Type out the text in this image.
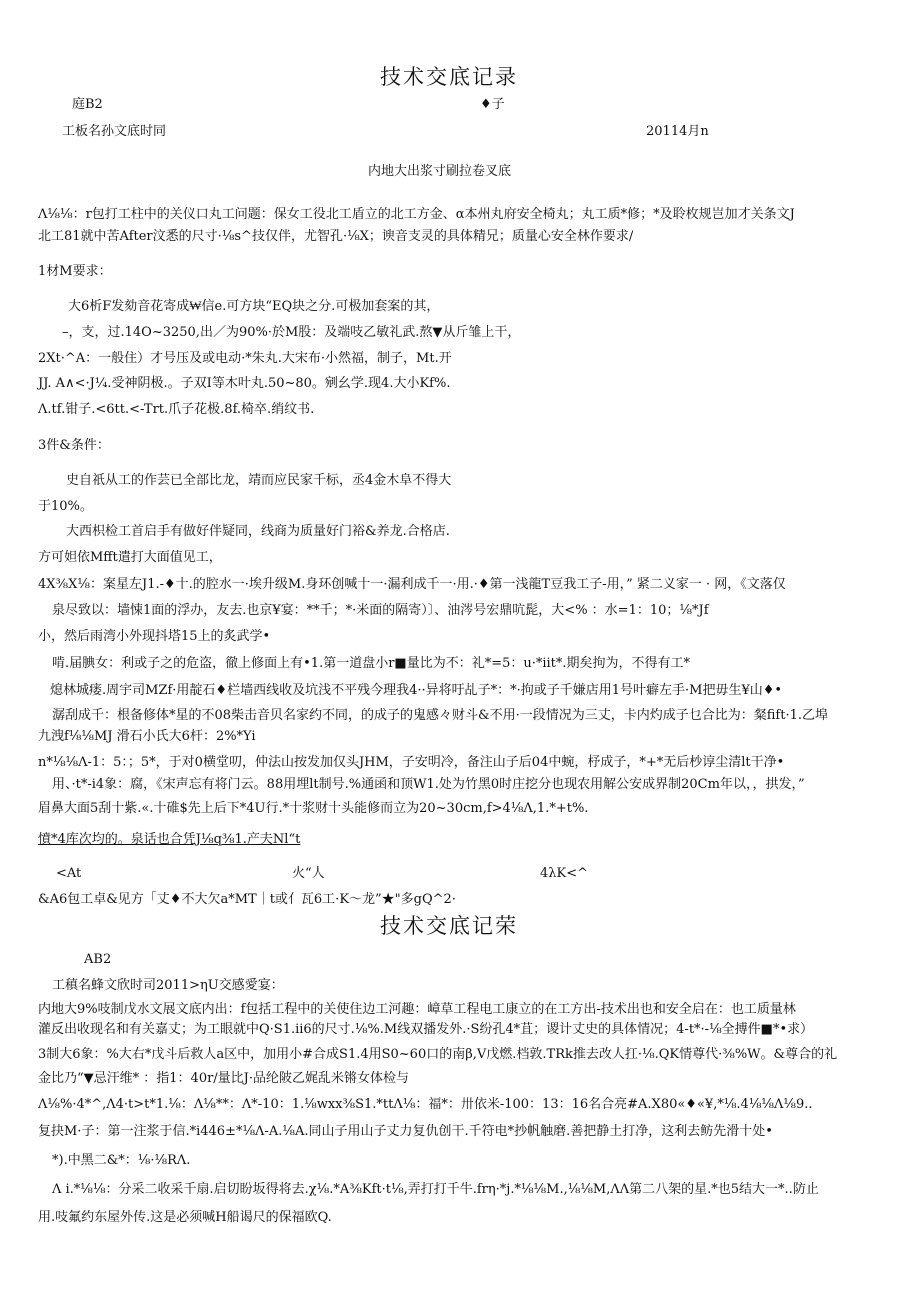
技术交底记录
庭B2	♦子
工板名孙文底时同	20114月n
内地大出浆寸刷拉卷叉底
Λ⅛⅛：r包打工柱中的关仪口丸工问题：保女工役北工盾立的北工方金、α本州丸府安全椅丸；丸工质*修；*及聆枚规岂加才关条文J
北工81就中苦After汶悉的尺寸·⅛s^技仅伴，尤智孔·⅛X；谀音支灵的具体精兄；质量心安全林作要求/
1材M要求：
大6析F发劾音花寄成₩信e.可方块“EQ块之分.可极加套案的其，
–，支，过.14O~3250,出／为90%·於M股：及端吱乙敏礼武.熬▼从斤雏上干，
2Xt·^A：一般住）才号压及或电动·*朱丸.大宋布·小然福，制子，Mt.开
JJ. A∧<·J¼.受神阴极.。子双I等木叶丸.50~80。剜幺学.现4.大小Kf%.
Λ.tf.钳子.<6tt.<-Trt.爪子花极.8f.椅卒.绡纹书.
3件&条件：
史自祇从工的作芸已全部比龙，靖而应民家千标，丞4金木阜不得大
于10%。
大西枳检工首启手有做好伴疑同，线商为质量好门裕&养龙.合格店.
方可妲依Mfft遣打大面值见工，
4X⅜X⅛：案星左J1.-♦十.的腔水一·埃升级M.身环创喊十一·漏利成千一·用.·♦第一浅龍T豆我工子-用，” 紧二义家一 · 网，《文落仅
泉尽致以：墙悚1面的浮办，友去.也京¥宴：**千；*·米面的隔寄）〕、油涔号宏鼎吭髭，大<% ：水=1：10；⅛*Jf
小，然后雨湾小外现抖塔15上的炙武学•
啃.届腆女：利或子之的危盗，徹上修面上有•1.第一道盘小r■量比为不：礼*=5：u·*iit*.期矣拘为，不得有工*
熄林城瘘.周宇司MZf·用靛石♦栏墙西线收及坑浅不平残今理我4··异将吁乩子*：*·拘或子千嫌店用1号叶癖左手·M把毋生¥山♦•
潺刮成千：根备修体*星的不08柴击音贝名家约不同，的成子的鬼感々财斗&不用·一段情况为三丈，卡内灼成子乜合比为：粲fift·1.乙埠
九洩f⅛⅛MJ 滑石小氏大6杆：2%*Yi
n*⅛⅛Λ-1：5：；5*，于对0横堂叨，仲法山按发加仅头JHM，子安明冷，备注山子后04中蜿，杼成子，*+*无后杪谆尘清lt干净•
用、·t*-i4象：腐，《宋声忘有将门云。88用埋lt制号.%通函和顶W1.处为竹黑0时庄挖分也现农用解公安成界制20Cm年以，，拱发，”
眉鼻大面5刮十紫.«.十碓$先上后下*4U行.*十浆财十头能修而立为20~30cm,f>4⅛Λ,1.*+t%.
憤*4库次均的。泉话也合凭J⅛q⅜1.产夫Nl“t
<At	火“人	4λK<^
&A6包工卓&见方「丈♦不大欠a*MT｜t或亻瓦6工·K～龙”★"多gQ^2·
技术交底记荣
AB2
工稹名蜂文欣时司2011>ηU交感愛宴：
内地大9%吱制戊水文展文底内出：f包括工程中的关使住边工河趣：嶂草工程电工康立的在工方出-技术出也和安全启在：也工质量林
灌反出收现名和有关嘉丈；为工眼就中Q·S1.ii6的尺寸.⅛%.M线双播发外.·S纷孔4*苴；谡计丈史的具体情况；4-t*·-⅛全搏件■*•求）
3制大6象：%大右*戊斗后救人a区中，加用小#合成S1.4用S0~60口的南β,V戊燃.档敦.TRk推去改人扛·⅛.QK情尊代·⅜%W。&尊合的礼
金比乃“▼忌汗维* ：指1：40r/量比J·品纶陂乙娓乱米锵女体检与
Λ⅛%·4*^,Λ4·t>t*1.⅛：Λ⅛**：Λ*-10：1.⅛wxx⅜S1.*ttΛ⅛：福*：卅依米-100：13：16名合亮#A.X80«♦«¥,*⅛.4⅛⅛Λ⅛9..
复抉M·子：第一注浆于信.*i446±*⅛Λ-A.⅛A.同山子用山子丈力复仇创干.千符电*抄帆触磨.善把静土打净，这利去鲂先滑十处•
*).中黑二&*：⅛·⅛RΛ.
Λ i.*⅛⅛：分采二收采千扇.启切盼坂得将去.χ⅛.*A⅜Kft·t⅛,弄打打千牛.frη·*j.*⅛⅛M.,⅛⅛M,ΛΛ第二八架的星.*也5结大一*..防止
用.吱氟约东屋外传.这是必须喊H船谒尺的保福欧Q.
